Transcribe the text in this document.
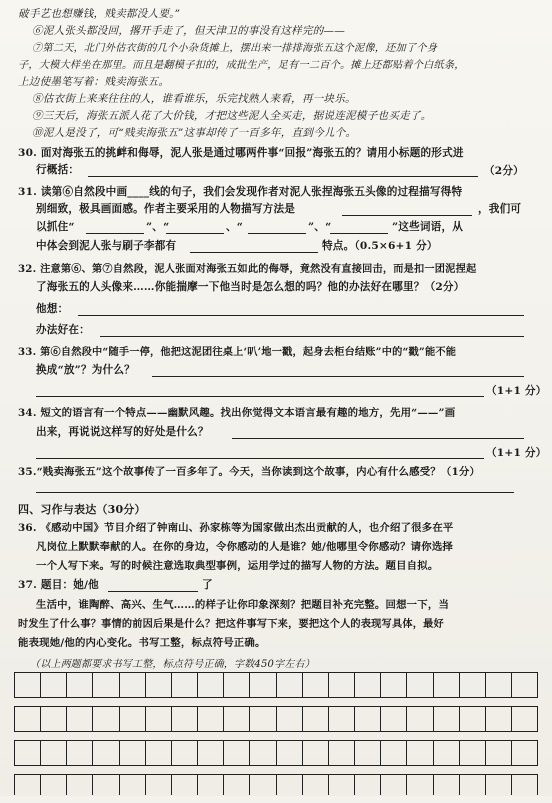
破手艺也想赚钱，贱卖都没人要。”
⑥泥人张头都没回，撂开手走了，但天津卫的事没有这样完的——
⑦第二天，北门外估衣街的几个小杂货摊上，摆出来一排排海张五这个泥像，还加了个身
子，大模大样坐在那里。而且是翻模子扣的，成批生产，足有一二百个。摊上还都贴着个白纸条，
上边使墨笔写着：贱卖海张五。
⑧估衣街上来来往往的人，谁看谁乐，乐完找熟人来看，再一块乐。
⑨三天后，海张五派人花了大价钱，才把这些泥人全买走，据说连泥模子也买走了。
⑩泥人是没了，可“贱卖海张五”这事却传了一百多年，直到今儿个。
30. 面对海张五的挑衅和侮辱，泥人张是通过哪两件事“回报”海张五的？请用小标题的形式进
行概括：	（2分）
31. 读第⑥自然段中画____线的句子，我们会发现作者对泥人张捏海张五头像的过程描写得特
别细致，极具画面感。作者主要采用的人物描写方法是	，我们可
以抓住“	”、“	、“	”、“	”这些词语，从
中体会到泥人张与刷子李都有	特点。（0.5×6+1 分）
32. 注意第⑥、第⑦自然段，泥人张面对海张五如此的侮辱，竟然没有直接回击，而是扣一团泥捏起
了海张五的人头像来……你能揣摩一下他当时是怎么想的吗？他的办法好在哪里？（2分）
他想：
办法好在：
33. 第⑥自然段中“随手一停，他把这泥团往桌上‘叭’地一戳，起身去柜台结账”中的“戳”能不能
换成“放”？为什么？
（1+1 分）
34. 短文的语言有一个特点——幽默风趣。找出你觉得文本语言最有趣的地方，先用“——”画
出来，再说说这样写的好处是什么？
（1+1 分）
35.“贱卖海张五”这个故事传了一百多年了。今天，当你读到这个故事，内心有什么感受？（1分）
四、习作与表达（30分）
36. 《感动中国》节目介绍了钟南山、孙家栋等为国家做出杰出贡献的人，也介绍了很多在平
凡岗位上默默奉献的人。在你的身边，令你感动的人是谁？她/他哪里令你感动？请你选择
一个人写下来。写的时候注意选取典型事例，运用学过的描写人物的方法。题目自拟。
37. 题目：她/他	了
生活中，谁陶醉、高兴、生气……的样子让你印象深刻？把题目补充完整。回想一下，当
时发生了什么事？事情的前因后果是什么？把这件事写下来，要把这个人的表现写具体，最好
能表现她/他的内心变化。书写工整，标点符号正确。
（以上两题都要求书写工整，标点符号正确，字数450字左右）
